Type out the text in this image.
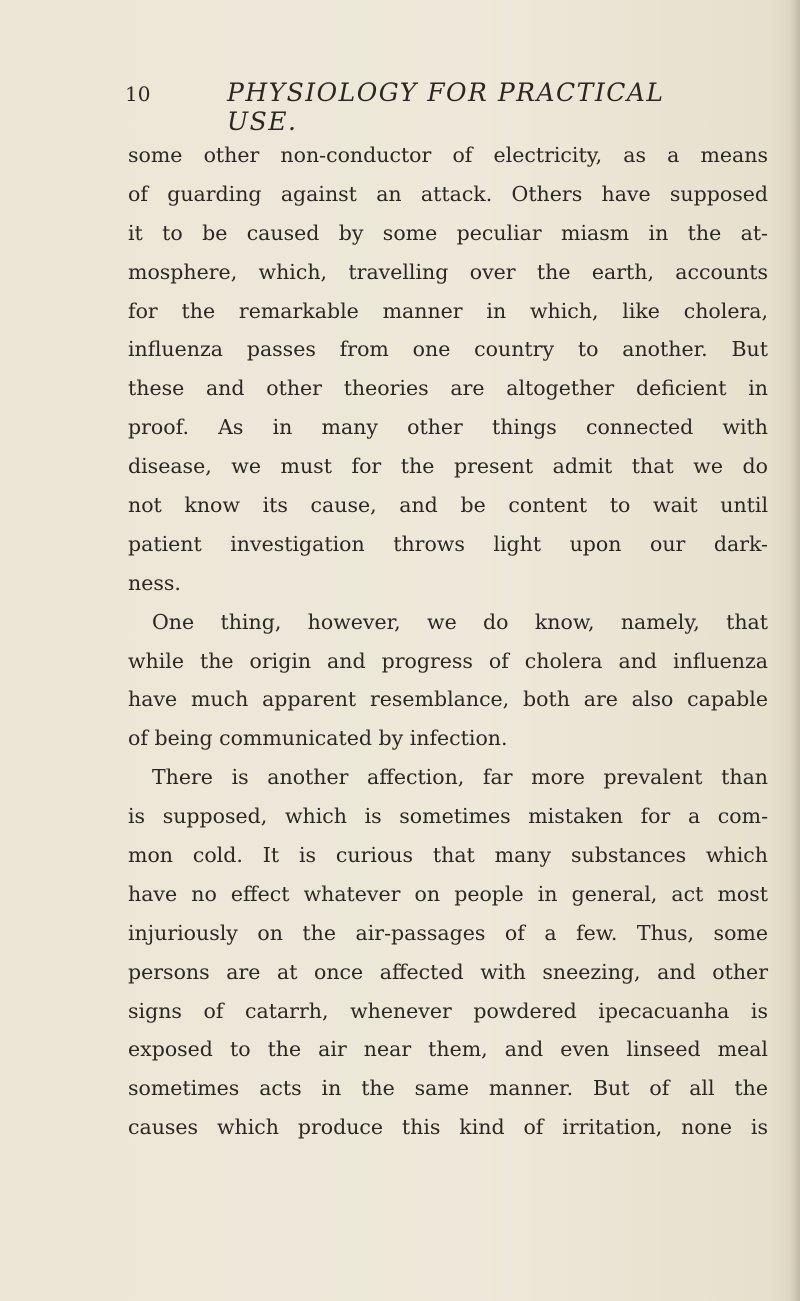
10	PHYSIOLOGY FOR PRACTICAL USE.
some other non-conductor of electricity, as a means
of guarding against an attack. Others have supposed
it to be caused by some peculiar miasm in the at-
mosphere, which, travelling over the earth, accounts
for the remarkable manner in which, like cholera,
influenza passes from one country to another. But
these and other theories are altogether deficient in
proof. As in many other things connected with
disease, we must for the present admit that we do
not know its cause, and be content to wait until
patient investigation throws light upon our dark-
ness.
One thing, however, we do know, namely, that
while the origin and progress of cholera and influenza
have much apparent resemblance, both are also capable
of being communicated by infection.
There is another affection, far more prevalent than
is supposed, which is sometimes mistaken for a com-
mon cold. It is curious that many substances which
have no effect whatever on people in general, act most
injuriously on the air-passages of a few. Thus, some
persons are at once affected with sneezing, and other
signs of catarrh, whenever powdered ipecacuanha is
exposed to the air near them, and even linseed meal
sometimes acts in the same manner. But of all the
causes which produce this kind of irritation, none is
